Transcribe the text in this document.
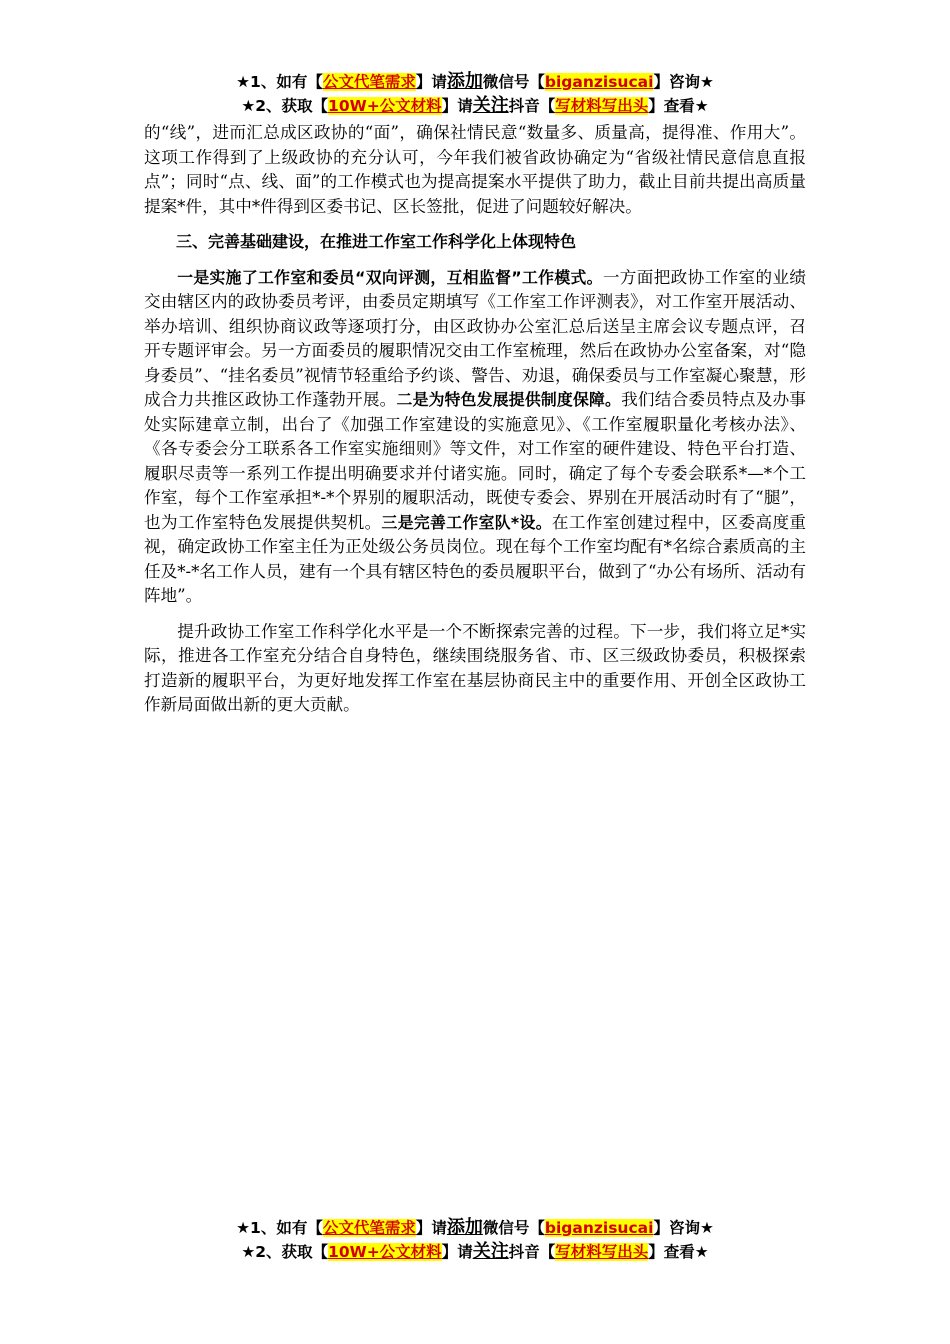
★1、如有【公文代笔需求】请添加微信号【biganzisucai】咨询★
★2、获取【10W+公文材料】请关注抖音【写材料写出头】查看★

的“线”，进而汇总成区政协的“面”，确保社情民意“数量多、质量高，提得准、作用大”。这项工作得到了上级政协的充分认可，今年我们被省政协确定为“省级社情民意信息直报点”；同时“点、线、面”的工作模式也为提高提案水平提供了助力，截止目前共提出高质量提案*件，其中*件得到区委书记、区长签批，促进了问题较好解决。

三、完善基础建设，在推进工作室工作科学化上体现特色

一是实施了工作室和委员“双向评测，互相监督”工作模式。一方面把政协工作室的业绩交由辖区内的政协委员考评，由委员定期填写《工作室工作评测表》，对工作室开展活动、举办培训、组织协商议政等逐项打分，由区政协办公室汇总后送呈主席会议专题点评，召开专题评审会。另一方面委员的履职情况交由工作室梳理，然后在政协办公室备案，对“隐身委员”、“挂名委员”视情节轻重给予约谈、警告、劝退，确保委员与工作室凝心聚慧，形成合力共推区政协工作蓬勃开展。二是为特色发展提供制度保障。我们结合委员特点及办事处实际建章立制，出台了《加强工作室建设的实施意见》、《工作室履职量化考核办法》、《各专委会分工联系各工作室实施细则》等文件，对工作室的硬件建设、特色平台打造、履职尽责等一系列工作提出明确要求并付诸实施。同时，确定了每个专委会联系*—*个工作室，每个工作室承担*-*个界别的履职活动，既使专委会、界别在开展活动时有了“腿”，也为工作室特色发展提供契机。三是完善工作室队*设。在工作室创建过程中，区委高度重视，确定政协工作室主任为正处级公务员岗位。现在每个工作室均配有*名综合素质高的主任及*-*名工作人员，建有一个具有辖区特色的委员履职平台，做到了“办公有场所、活动有阵地”。

提升政协工作室工作科学化水平是一个不断探索完善的过程。下一步，我们将立足*实际，推进各工作室充分结合自身特色，继续围绕服务省、市、区三级政协委员，积极探索打造新的履职平台，为更好地发挥工作室在基层协商民主中的重要作用、开创全区政协工作新局面做出新的更大贡献。

★1、如有【公文代笔需求】请添加微信号【biganzisucai】咨询★
★2、获取【10W+公文材料】请关注抖音【写材料写出头】查看★
